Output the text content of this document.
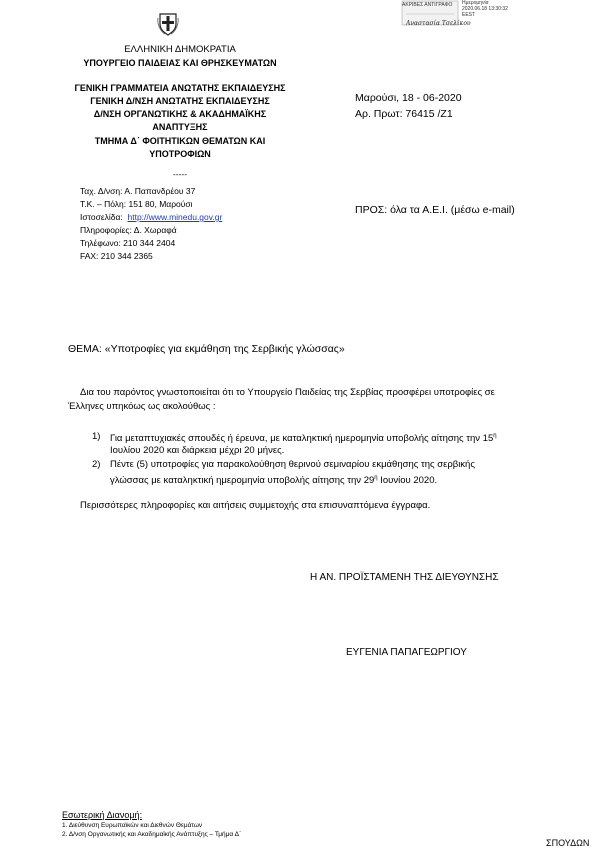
ΑΚΡΙΒΕΣ ΑΝΤΙΓΡΑΦΟ Ημερομηνία
2020.06.18 13:30:32
EEST
Αναστασία Τσελίκου
ΕΛΛΗΝΙΚΗ ΔΗΜΟΚΡΑΤΙΑ
ΥΠΟΥΡΓΕΙΟ ΠΑΙΔΕΙΑΣ ΚΑΙ ΘΡΗΣΚΕΥΜΑΤΩΝ
ΓΕΝΙΚΗ ΓΡΑΜΜΑΤΕΙΑ ΑΝΩΤΑΤΗΣ ΕΚΠΑΙΔΕΥΣΗΣ
ΓΕΝΙΚΗ Δ/ΝΣΗ ΑΝΩΤΑΤΗΣ ΕΚΠΑΙΔΕΥΣΗΣ
Δ/ΝΣΗ ΟΡΓΑΝΩΤΙΚΗΣ & ΑΚΑΔΗΜΑΪΚΗΣ
ΑΝΑΠΤΥΞΗΣ
ΤΜΗΜΑ Δ΄ ΦΟΙΤΗΤΙΚΩΝ ΘΕΜΑΤΩΝ ΚΑΙ
ΥΠΟΤΡΟΦΙΩΝ
-----
Ταχ. Δ/νση: Α. Παπανδρέου 37
Τ.Κ. – Πόλη: 151 80, Μαρούσι
Ιστοσελίδα: http://www.minedu.gov.gr
Πληροφορίες: Δ. Χωραφά
Τηλέφωνο: 210 344 2404
FAX: 210 344 2365
Μαρούσι, 18 - 06-2020
Αρ. Πρωτ: 76415 /Ζ1
ΠΡΟΣ: όλα τα Α.Ε.Ι. (μέσω e-mail)
ΘΕΜΑ: «Υποτροφίες για εκμάθηση της Σερβικής γλώσσας»
Δια του παρόντος γνωστοποιείται ότι το Υπουργείο Παιδείας της Σερβίας προσφέρει υποτροφίες σε
Έλληνες υπηκόως ως ακολούθως :
1) Για μεταπτυχιακές σπουδές ή έρευνα, με καταληκτική ημερομηνία υποβολής αίτησης την $15^\eta$
Ιουλίου 2020 και διάρκεια μέχρι 20 μήνες.
2) Πέντε (5) υποτροφίες για παρακολούθηση θερινού σεμιναρίου εκμάθησης της σερβικής
γλώσσας με καταληκτική ημερομηνία υποβολής αίτησης την $29^\eta$ Ιουνίου 2020.
Περισσότερες πληροφορίες και αιτήσεις συμμετοχής στα επισυναπτόμενα έγγραφα.
Η ΑΝ. ΠΡΟΪΣΤΑΜΕΝΗ ΤΗΣ ΔΙΕΥΘΥΝΣΗΣ
ΕΥΓΕΝΙΑ ΠΑΠΑΓΕΩΡΓΙΟΥ
Εσωτερική Διανομή:
1. Διεύθυνση Ευρωπαϊκών και Διεθνών Θεμάτων
2. Δ/νση Οργανωτικής και Ακαδημαϊκής Ανάπτυξης – Τμήμα Δ΄
ΣΠΟΥΔΩΝ
